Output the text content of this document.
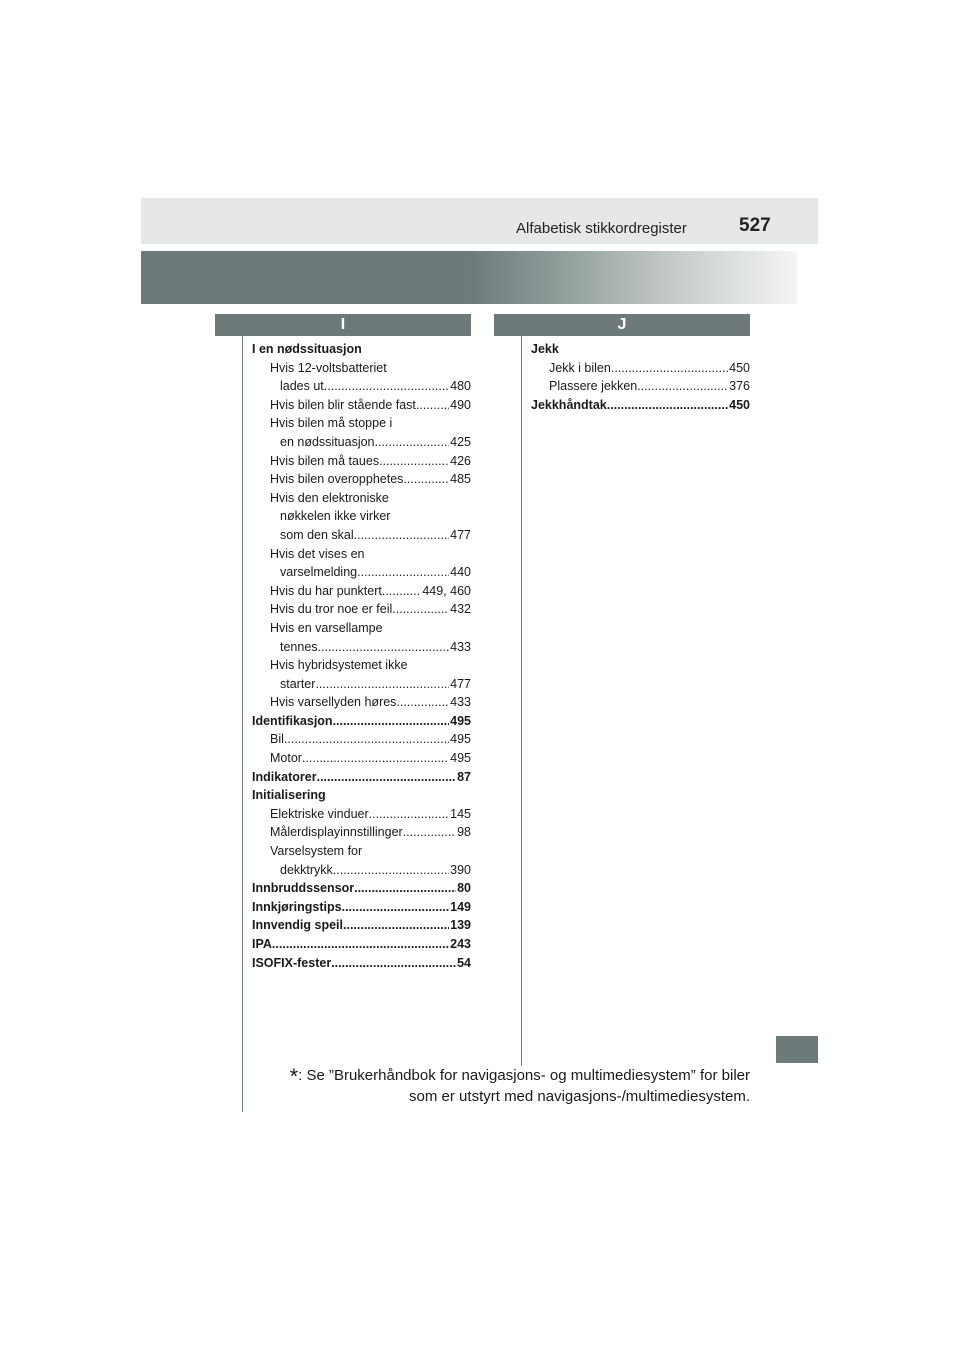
Alfabetisk stikkordregister	527
I	J
I en nødssituasjon
Hvis 12-voltsbatteriet
lades ut .....	480
Hvis bilen blir stående fast .....	490
Hvis bilen må stoppe i
en nødssituasjon .....	425
Hvis bilen må taues .....	426
Hvis bilen overopphetes .....	485
Hvis den elektroniske
nøkkelen ikke virker
som den skal .....	477
Hvis det vises en
varselmelding .....	440
Hvis du har punktert .....	449, 460
Hvis du tror noe er feil .....	432
Hvis en varsellampe
tennes .....	433
Hvis hybridsystemet ikke
starter .....	477
Hvis varsellyden høres .....	433
Identifikasjon .....	495
Bil .....	495
Motor .....	495
Indikatorer .....	87
Initialisering
Elektriske vinduer .....	145
Målerdisplayinnstillinger .....	98
Varselsystem for
dekktrykk .....	390
Innbruddssensor .....	80
Innkjøringstips .....	149
Innvendig speil .....	139
IPA .....	243
ISOFIX-fester .....	54
Jekk
Jekk i bilen .....	450
Plassere jekken .....	376
Jekkhåndtak .....	450
*: Se ”Brukerhåndbok for navigasjons- og multimediesystem” for biler
som er utstyrt med navigasjons-/multimediesystem.
